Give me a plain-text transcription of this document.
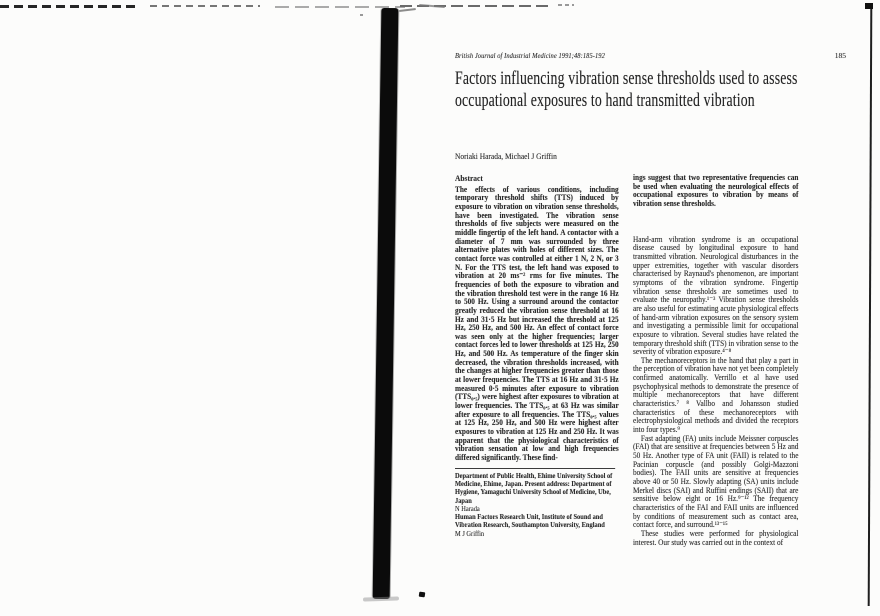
British Journal of Industrial Medicine 1991;48:185-192	185
Factors influencing vibration sense thresholds used to assess occupational exposures to hand transmitted vibration
Noriaki Harada, Michael J Griffin
Abstract

The effects of various conditions, including temporary threshold shifts (TTS) induced by exposure to vibration on vibration sense thresholds, have been investigated. The vibration sense thresholds of five subjects were measured on the middle fingertip of the left hand. A contactor with a diameter of 7 mm was surrounded by three alternative plates with holes of different sizes. The contact force was controlled at either 1 N, 2 N, or 3 N. For the TTS test, the left hand was exposed to vibration at 20 ms⁻² rms for five minutes. The frequencies of both the exposure to vibration and the vibration threshold test were in the range 16 Hz to 500 Hz. Using a surround around the contactor greatly reduced the vibration sense threshold at 16 Hz and 31·5 Hz but increased the threshold at 125 Hz, 250 Hz, and 500 Hz. An effect of contact force was seen only at the higher frequencies; larger contact forces led to lower thresholds at 125 Hz, 250 Hz, and 500 Hz. As temperature of the finger skin decreased, the vibration thresholds increased, with the changes at higher frequencies greater than those at lower frequencies. The TTS at 16 Hz and 31·5 Hz measured 0·5 minutes after exposure to vibration (TTS₀.₅) were highest after exposures to vibration at lower frequencies. The TTS₀.₅ at 63 Hz was similar after exposure to all frequencies. The TTS₀.₅ values at 125 Hz, 250 Hz, and 500 Hz were highest after exposures to vibration at 125 Hz and 250 Hz. It was apparent that the physiological characteristics of vibration sensation at low and high frequencies differed significantly. These find-

Department of Public Health, Ehime University School of Medicine, Ehime, Japan. Present address: Department of Hygiene, Yamaguchi University School of Medicine, Ube, Japan

N Harada

Human Factors Research Unit, Institute of Sound and Vibration Research, Southampton University, England

M J Griffin

ings suggest that two representative frequencies can be used when evaluating the neurological effects of occupational exposures to vibration by means of vibration sense thresholds.

Hand-arm vibration syndrome is an occupational disease caused by longitudinal exposure to hand transmitted vibration. Neurological disturbances in the upper extremities, together with vascular disorders characterised by Raynaud's phenomenon, are important symptoms of the vibration syndrome. Fingertip vibration sense thresholds are sometimes used to evaluate the neuropathy.¹⁻³ Vibration sense thresholds are also useful for estimating acute physiological effects of hand-arm vibration exposures on the sensory system and investigating a permissible limit for occupational exposure to vibration. Several studies have related the temporary threshold shift (TTS) in vibration sense to the severity of vibration exposure.⁴⁻⁸

The mechanoreceptors in the hand that play a part in the perception of vibration have not yet been completely confirmed anatomically. Verrillo et al have used psychophysical methods to demonstrate the presence of multiple mechanoreceptors that have different characteristics.⁷ ⁸ Vallbo and Johansson studied characteristics of these mechanoreceptors with electrophysiological methods and divided the receptors into four types.⁹

Fast adapting (FA) units include Meissner corpuscles (FAI) that are sensitive at frequencies between 5 Hz and 50 Hz. Another type of FA unit (FAII) is related to the Pacinian corpuscle (and possibly Golgi-Mazzoni bodies). The FAII units are sensitive at frequencies above 40 or 50 Hz. Slowly adapting (SA) units include Merkel discs (SAI) and Ruffini endings (SAII) that are sensitive below eight or 16 Hz.⁹⁻¹² The frequency characteristics of the FAI and FAII units are influenced by conditions of measurement such as contact area, contact force, and surround.¹³⁻¹⁵

These studies were performed for physiological interest. Our study was carried out in the context of
